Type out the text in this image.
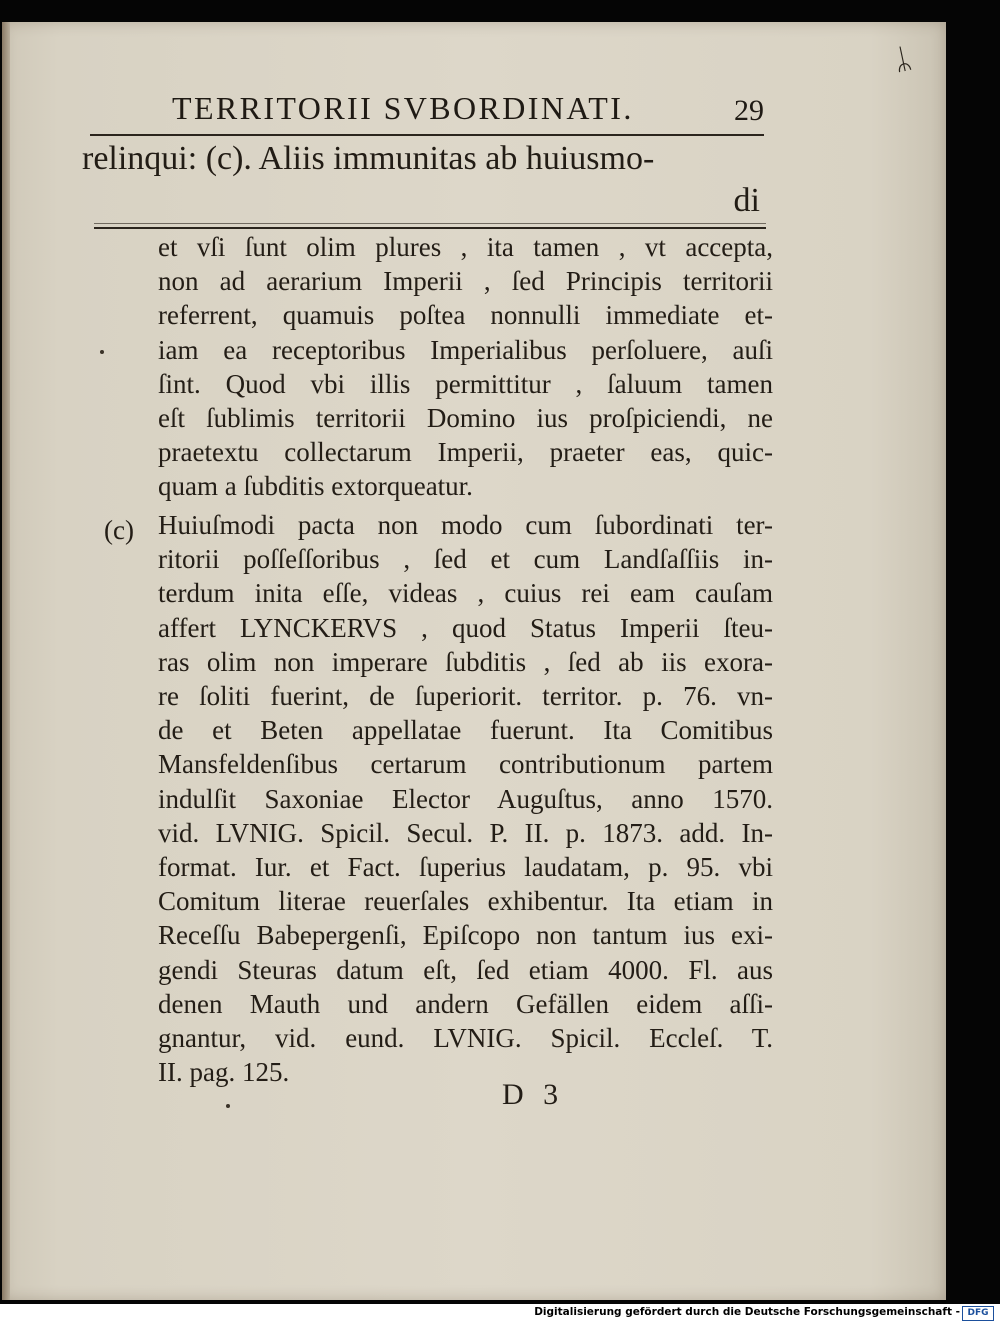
ᛦ
TERRITORII SVBORDINATI.	29
relinqui: (c). Aliis immunitas ab huiusmo-
di
et vſi ſunt olim plures , ita tamen , vt accepta,
non ad aerarium Imperii , ſed Principis territorii
referrent, quamuis poſtea nonnulli immediate et-
iam ea receptoribus Imperialibus perſoluere, auſi
ſint. Quod vbi illis permittitur , ſaluum tamen
eſt ſublimis territorii Domino ius proſpiciendi, ne
praetextu collectarum Imperii, praeter eas, quic-
quam a ſubditis extorqueatur.
(c) Huiuſmodi pacta non modo cum ſubordinati ter-
ritorii poſſeſſoribus , ſed et cum Landſaſſiis in-
terdum inita eſſe, videas , cuius rei eam cauſam
affert LYNCKERVS , quod Status Imperii ſteu-
ras olim non imperare ſubditis , ſed ab iis exora-
re ſoliti fuerint, de ſuperiorit. territor. p. 76. vn-
de et Beten appellatae fuerunt. Ita Comitibus
Mansfeldenſibus certarum contributionum partem
indulſit Saxoniae Elector Auguſtus, anno 1570.
vid. LVNIG. Spicil. Secul. P. II. p. 1873. add. In-
format. Iur. et Fact. ſuperius laudatam, p. 95. vbi
Comitum literae reuerſales exhibentur. Ita etiam in
Receſſu Babepergenſi, Epiſcopo non tantum ius exi-
gendi Steuras datum eſt, ſed etiam 4000. Fl. aus
denen Mauth und andern Gefällen eidem aſſi-
gnantur, vid. eund. LVNIG. Spicil. Eccleſ. T.
II. pag. 125.
D 3
Digitalisierung gefördert durch die Deutsche Forschungsgemeinschaft - DFG
